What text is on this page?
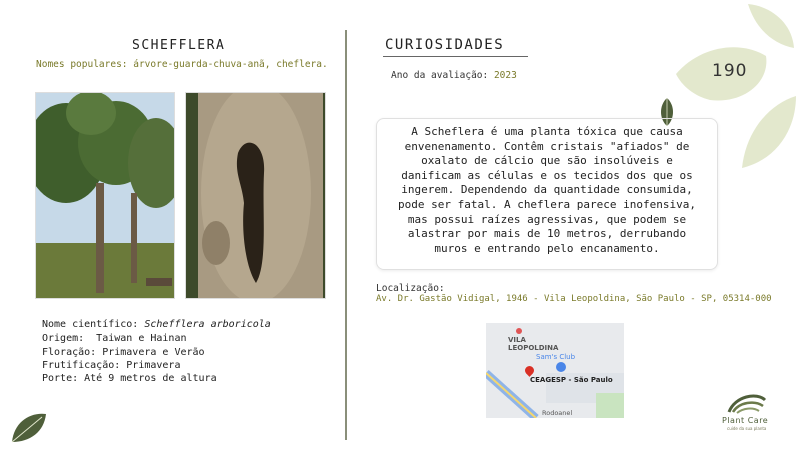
190
SCHEFFLERA
Nomes populares: árvore-guarda-chuva-anã, cheflera.
Nome científico: Schefflera arboricola
Origem:  Taiwan e Hainan
Floração: Primavera e Verão
Frutificação: Primavera
Porte: Até 9 metros de altura
CURIOSIDADES
Ano da avaliação: 2023
A Scheflera é uma planta tóxica que causa envenenamento. Contêm cristais "afiados" de oxalato de cálcio que são insolúveis e danificam as células e os tecidos dos que os ingerem. Dependendo da quantidade consumida, pode ser fatal. A cheflera parece inofensiva, mas possui raízes agressivas, que podem se alastrar por mais de 10 metros, derrubando muros e entrando pelo encanamento.
Localização:
Av. Dr. Gastão Vidigal, 1946 - Vila Leopoldina, São Paulo - SP, 05314-000
VILA
LEOPOLDINA
Sam's Club
CEAGESP - São Paulo
Rodoanel
Plant Care
cuide da sua planta
